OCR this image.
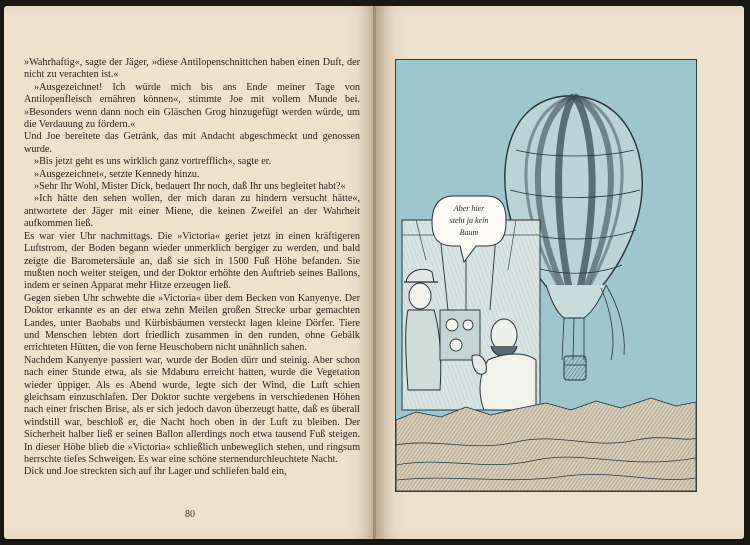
»Wahrhaftig«, sagte der Jäger, »diese Antilopenschnittchen haben einen Duft, der nicht zu verachten ist.«

»Ausgezeichnet! Ich würde mich bis ans Ende meiner Tage von Antilopenfleisch ernähren können«, stimmte Joe mit vollem Munde bei. »Besonders wenn dann noch ein Gläschen Grog hinzugefügt werden würde, um die Verdauung zu fördern.«

Und Joe bereitete das Getränk, das mit Andacht abgeschmeckt und genossen wurde.

»Bis jetzt geht es uns wirklich ganz vortrefflich«, sagte er.

»Ausgezeichnet«, setzte Kennedy hinzu.

»Sehr Ihr Wohl, Mister Dick, bedauert Ihr noch, daß Ihr uns begleitet habt?«

»Ich hätte den sehen wollen, der mich daran zu hindern versucht hätte«, antwortete der Jäger mit einer Miene, die keinen Zweifel an der Wahrheit aufkommen ließ.

Es war vier Uhr nachmittags. Die »Victoria« geriet jetzt in einen kräftigeren Luftstrom, der Boden begann wieder unmerklich bergiger zu werden, und bald zeigte die Barometersäule an, daß sie sich in 1500 Fuß Höhe befanden. Sie mußten noch weiter steigen, und der Doktor erhöhte den Auftrieb seines Ballons, indem er seinen Apparat mehr Hitze erzeugen ließ.

Gegen sieben Uhr schwebte die »Victoria« über dem Becken von Kanyenye. Der Doktor erkannte es an der etwa zehn Meilen großen Strecke urbar gemachten Landes, unter Baobabs und Kürbisbäumen versteckt lagen kleine Dörfer. Tiere und Menschen lebten dort friedlich zusammen in den runden, ohne Gebälk errichteten Hütten, die von ferne Heuschobern nicht unähnlich sahen.

Nachdem Kanyenye passiert war, wurde der Boden dürr und steinig. Aber schon nach einer Stunde etwa, als sie Mdaburu erreicht hatten, wurde die Vegetation wieder üppiger. Als es Abend wurde, legte sich der Wind, die Luft schien gleichsam einzuschlafen. Der Doktor suchte vergebens in verschiedenen Höhen nach einer frischen Brise, als er sich jedoch davon überzeugt hatte, daß es überall windstill war, beschloß er, die Nacht hoch oben in der Luft zu bleiben. Der Sicherheit halber ließ er seinen Ballon allerdings noch etwa tausend Fuß steigen. In dieser Höhe blieb die »Victoria« schließlich unbeweglich stehen, und ringsum herrschte tiefes Schweigen. Es war eine schöne sternendurchleuchtete Nacht.

Dick und Joe streckten sich auf ihr Lager und schliefen bald ein,

80
Aber hier
steht ja kein
Baum
